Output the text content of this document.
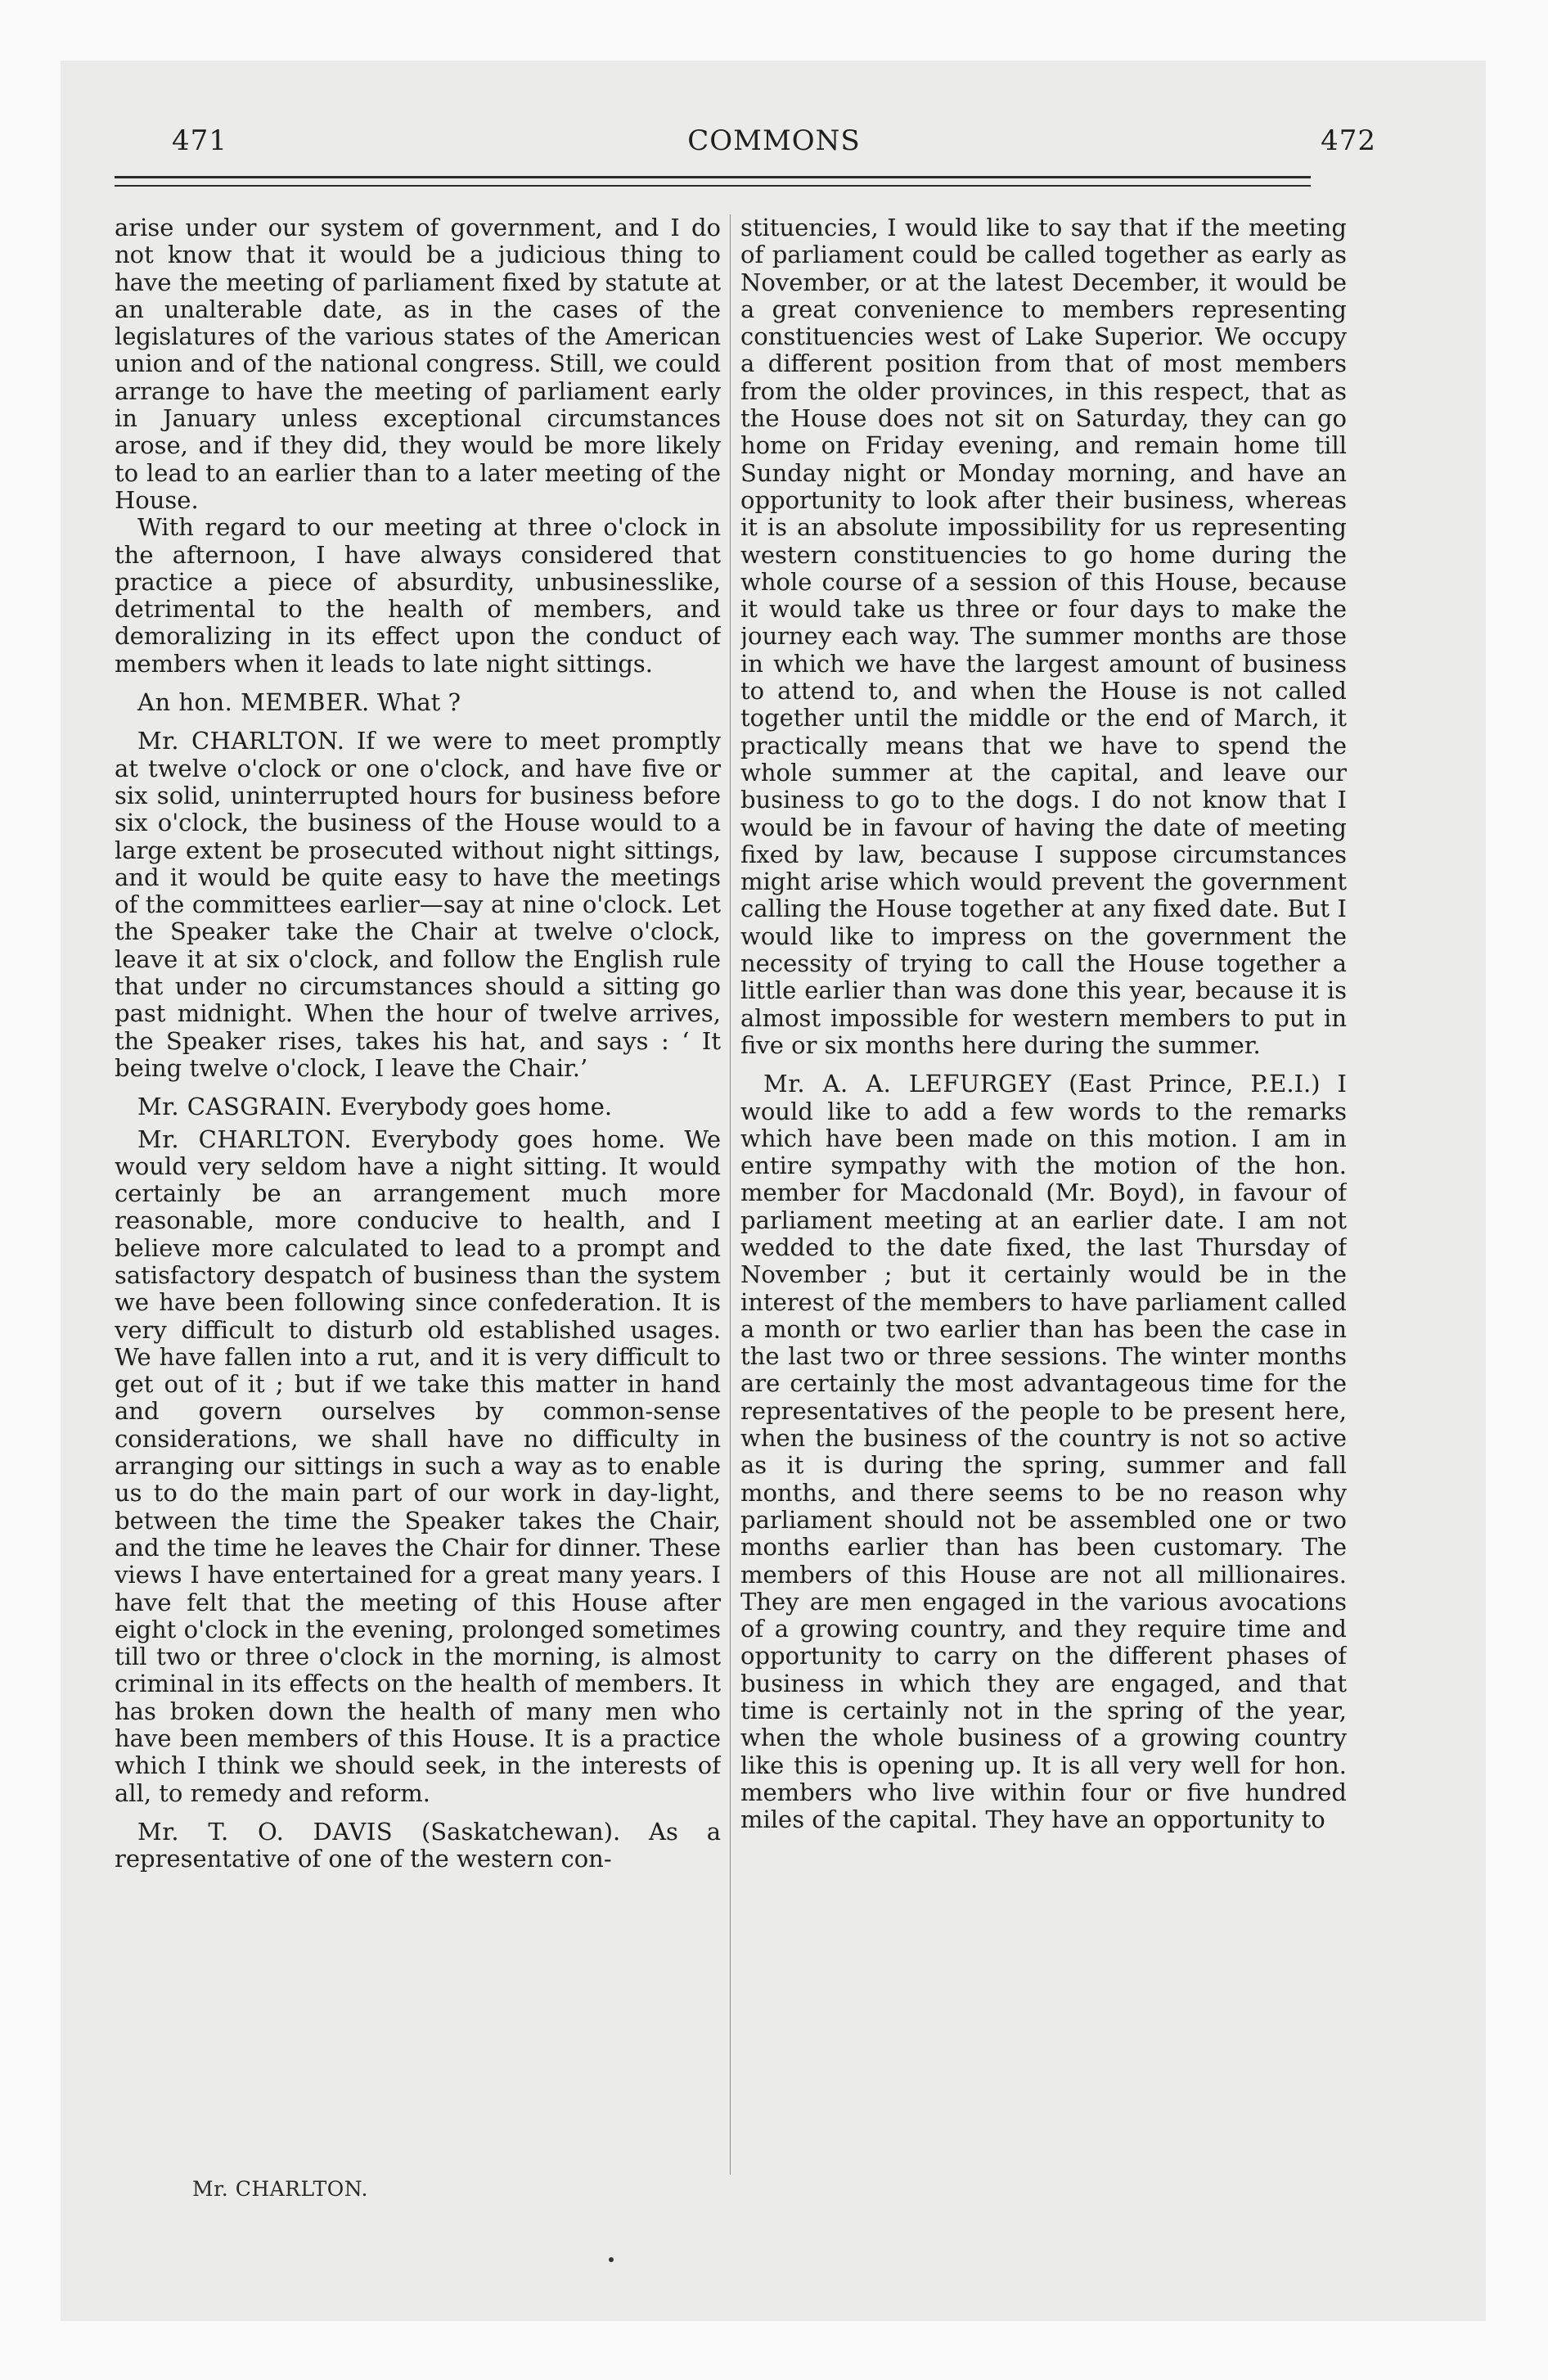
471	COMMONS	472

arise under our system of government, and I do not know that it would be a judicious thing to have the meeting of parliament fixed by statute at an unalterable date, as in the cases of the legislatures of the various states of the American union and of the national congress. Still, we could arrange to have the meeting of parliament early in January unless exceptional circumstances arose, and if they did, they would be more likely to lead to an earlier than to a later meeting of the House.

With regard to our meeting at three o'clock in the afternoon, I have always considered that practice a piece of absurdity, unbusinesslike, detrimental to the health of members, and demoralizing in its effect upon the conduct of members when it leads to late night sittings.

An hon. MEMBER. What ?

Mr. CHARLTON. If we were to meet promptly at twelve o'clock or one o'clock, and have five or six solid, uninterrupted hours for business before six o'clock, the business of the House would to a large extent be prosecuted without night sittings, and it would be quite easy to have the meetings of the committees earlier—say at nine o'clock. Let the Speaker take the Chair at twelve o'clock, leave it at six o'clock, and follow the English rule that under no circumstances should a sitting go past midnight. When the hour of twelve arrives, the Speaker rises, takes his hat, and says : ‘ It being twelve o'clock, I leave the Chair.’

Mr. CASGRAIN. Everybody goes home.

Mr. CHARLTON. Everybody goes home. We would very seldom have a night sitting. It would certainly be an arrangement much more reasonable, more conducive to health, and I believe more calculated to lead to a prompt and satisfactory despatch of business than the system we have been following since confederation. It is very difficult to disturb old established usages. We have fallen into a rut, and it is very difficult to get out of it ; but if we take this matter in hand and govern ourselves by common-sense considerations, we shall have no difficulty in arranging our sittings in such a way as to enable us to do the main part of our work in day-light, between the time the Speaker takes the Chair, and the time he leaves the Chair for dinner. These views I have entertained for a great many years. I have felt that the meeting of this House after eight o'clock in the evening, prolonged sometimes till two or three o'clock in the morning, is almost criminal in its effects on the health of members. It has broken down the health of many men who have been members of this House. It is a practice which I think we should seek, in the interests of all, to remedy and reform.

Mr. T. O. DAVIS (Saskatchewan). As a representative of one of the western con-

stituencies, I would like to say that if the meeting of parliament could be called together as early as November, or at the latest December, it would be a great convenience to members representing constituencies west of Lake Superior. We occupy a different position from that of most members from the older provinces, in this respect, that as the House does not sit on Saturday, they can go home on Friday evening, and remain home till Sunday night or Monday morning, and have an opportunity to look after their business, whereas it is an absolute impossibility for us representing western constituencies to go home during the whole course of a session of this House, because it would take us three or four days to make the journey each way. The summer months are those in which we have the largest amount of business to attend to, and when the House is not called together until the middle or the end of March, it practically means that we have to spend the whole summer at the capital, and leave our business to go to the dogs. I do not know that I would be in favour of having the date of meeting fixed by law, because I suppose circumstances might arise which would prevent the government calling the House together at any fixed date. But I would like to impress on the government the necessity of trying to call the House together a little earlier than was done this year, because it is almost impossible for western members to put in five or six months here during the summer.

Mr. A. A. LEFURGEY (East Prince, P.E.I.) I would like to add a few words to the remarks which have been made on this motion. I am in entire sympathy with the motion of the hon. member for Macdonald (Mr. Boyd), in favour of parliament meeting at an earlier date. I am not wedded to the date fixed, the last Thursday of November ; but it certainly would be in the interest of the members to have parliament called a month or two earlier than has been the case in the last two or three sessions. The winter months are certainly the most advantageous time for the representatives of the people to be present here, when the business of the country is not so active as it is during the spring, summer and fall months, and there seems to be no reason why parliament should not be assembled one or two months earlier than has been customary. The members of this House are not all millionaires. They are men engaged in the various avocations of a growing country, and they require time and opportunity to carry on the different phases of business in which they are engaged, and that time is certainly not in the spring of the year, when the whole business of a growing country like this is opening up. It is all very well for hon. members who live within four or five hundred miles of the capital. They have an opportunity to

Mr. CHARLTON.
